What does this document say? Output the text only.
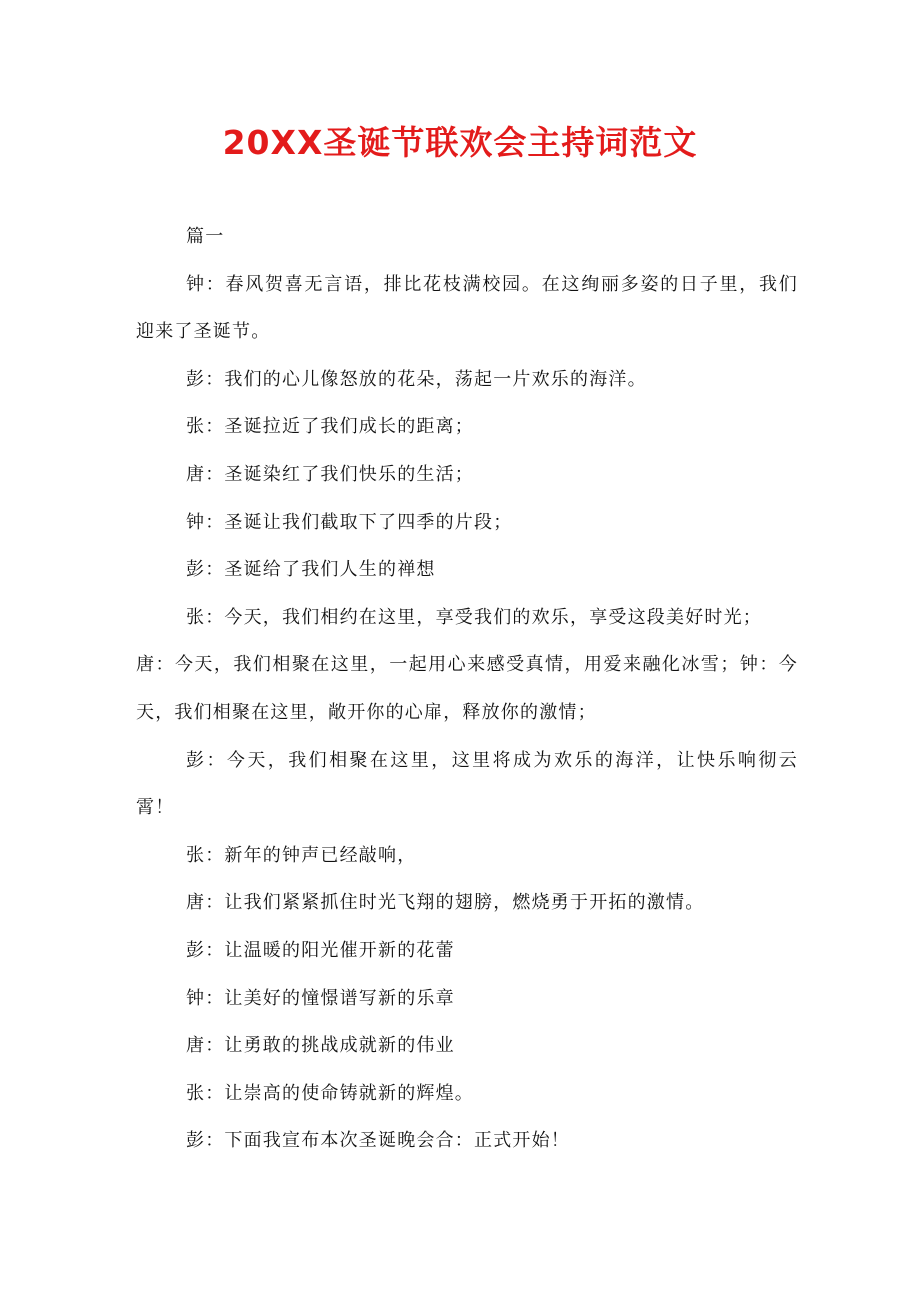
20XX圣诞节联欢会主持词范文

篇一

钟：春风贺喜无言语，排比花枝满校园。在这绚丽多姿的日子里，我们迎来了圣诞节。

彭：我们的心儿像怒放的花朵，荡起一片欢乐的海洋。

张：圣诞拉近了我们成长的距离；

唐：圣诞染红了我们快乐的生活；

钟：圣诞让我们截取下了四季的片段；

彭：圣诞给了我们人生的禅想

张：今天，我们相约在这里，享受我们的欢乐，享受这段美好时光；

唐：今天，我们相聚在这里，一起用心来感受真情，用爱来融化冰雪；钟：今天，我们相聚在这里，敞开你的心扉，释放你的激情；

彭：今天，我们相聚在这里，这里将成为欢乐的海洋，让快乐响彻云霄！

张：新年的钟声已经敲响，

唐：让我们紧紧抓住时光飞翔的翅膀，燃烧勇于开拓的激情。

彭：让温暖的阳光催开新的花蕾

钟：让美好的憧憬谱写新的乐章

唐：让勇敢的挑战成就新的伟业

张：让崇高的使命铸就新的辉煌。

彭：下面我宣布本次圣诞晚会合：正式开始！
